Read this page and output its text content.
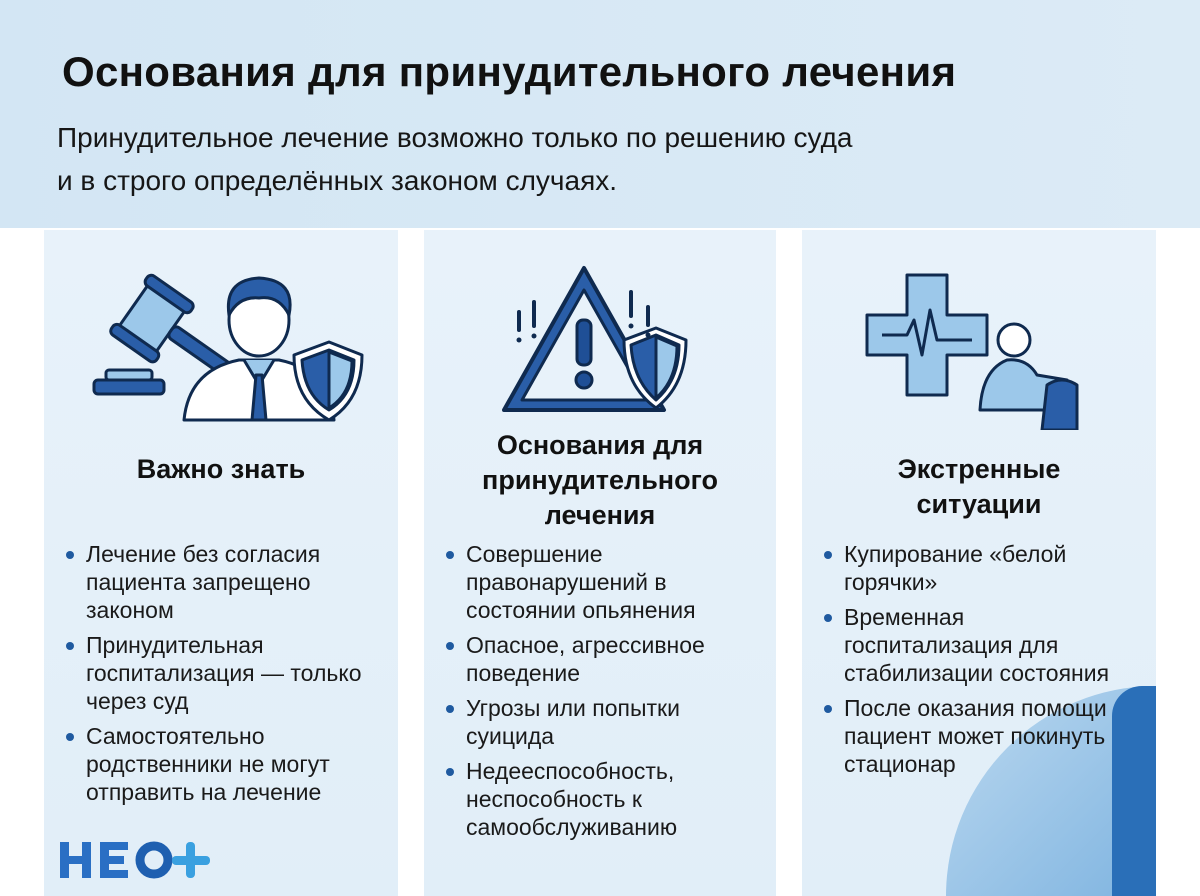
Основания для принудительного лечения
Принудительное лечение возможно только по решению суда
и в строго определённых законом случаях.
Важно знать
Лечение без согласия пациента запрещено законом
Принудительная госпитализация — только через суд
Самостоятельно родственники не могут отправить на лечение
Основания для
принудительного
лечения
Совершение правонарушений в состоянии опьянения
Опасное, агрессивное поведение
Угрозы или попытки суицида
Недееспособность, неспособность к самообслуживанию
Экстренные
ситуации
Купирование «белой горячки»
Временная госпитализация для стабилизации состояния
После оказания помощи пациент может покинуть стационар
